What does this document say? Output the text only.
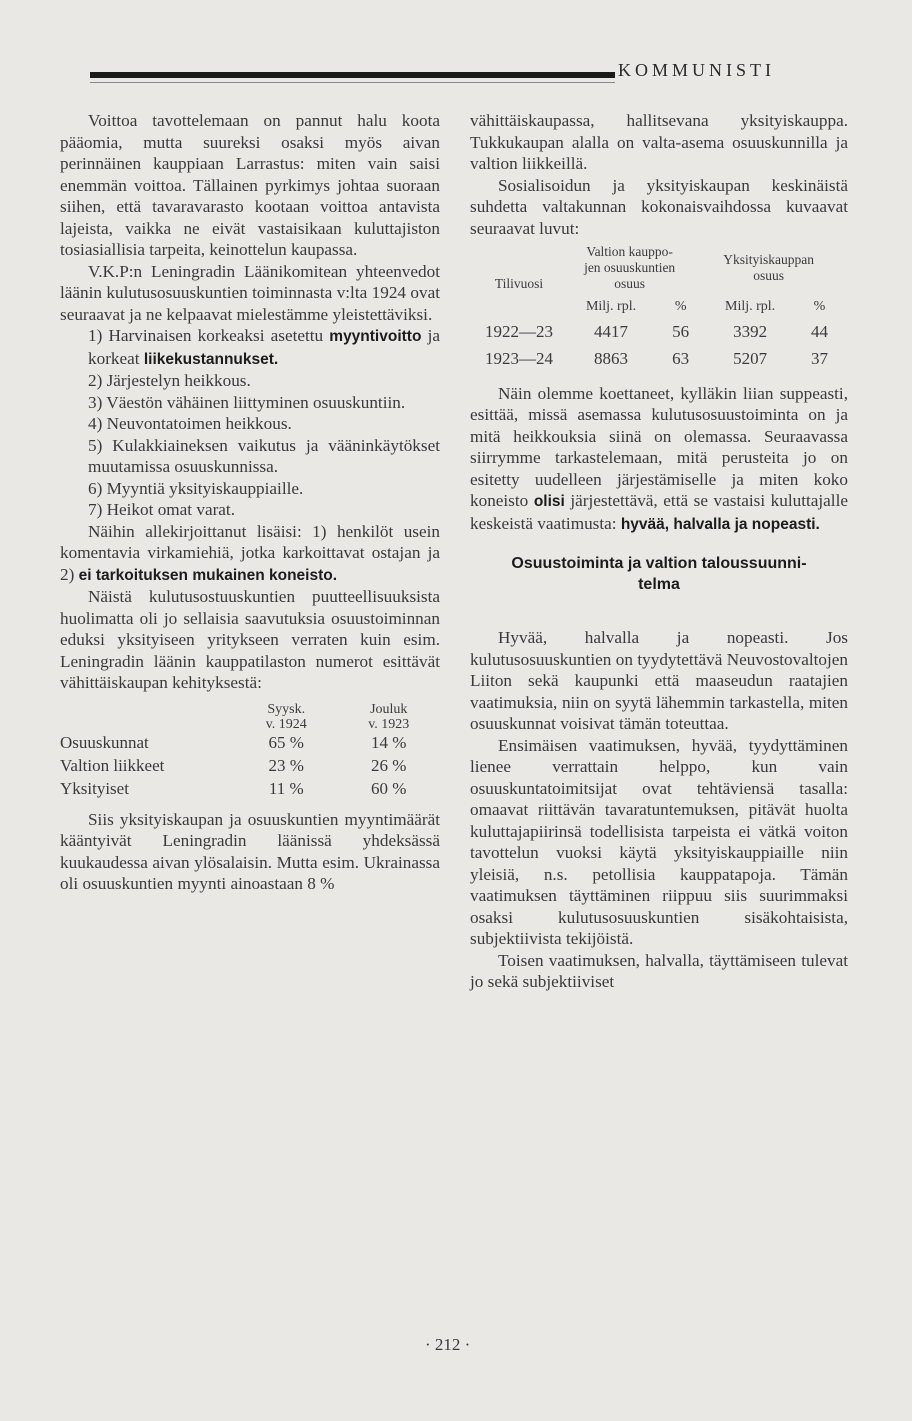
KOMMUNISTI

Voittoa tavottelemaan on pannut halu koota pääomia, mutta suureksi osaksi myös aivan perinnäinen kauppiaan Larrastus: miten vain saisi enemmän voittoa. Tällainen pyrkimys johtaa suoraan siihen, että tavaravarasto kootaan voittoa antavista lajeista, vaikka ne eivät vastaisikaan kuluttajiston tosiasiallisia tarpeita, keinottelun kaupassa.

V.K.P:n Leningradin Läänikomitean yhteenvedot läänin kulutusosuuskuntien toiminnasta v:lta 1924 ovat seuraavat ja ne kelpaavat mielestämme yleistettäviksi.

1) Harvinaisen korkeaksi asetettu myyntivoitto ja korkeat liikekustannukset.

2) Järjestelyn heikkous.

3) Väestön vähäinen liittyminen osuuskuntiin.

4) Neuvontatoimen heikkous.

5) Kulakkiaineksen vaikutus ja vääninkäytökset muutamissa osuuskunnissa.

6) Myyntiä yksityiskauppiaille.

7) Heikot omat varat.

Näihin allekirjoittanut lisäisi: 1) henkilöt usein komentavia virkamiehiä, jotka karkoittavat ostajan ja 2) ei tarkoituksen mukainen koneisto.

Näistä kulutusostuuskuntien puutteellisuuksista huolimatta oli jo sellaisia saavutuksia osuustoiminnan eduksi yksityiseen yritykseen verraten kuin esim. Leningradin läänin kauppatilaston numerot esittävät vähittäiskaupan kehityksestä:

	Syysk.
v. 1924	Jouluk
v. 1923
Osuuskunnat	65 %	14 %
Valtion liikkeet	23 %	26 %
Yksityiset	11 %	60 %

Siis yksityiskaupan ja osuuskuntien myyntimäärät kääntyivät Leningradin läänissä yhdeksässä kuukaudessa aivan ylösalaisin. Mutta esim. Ukrainassa oli osuuskuntien myynti ainoastaan 8 %

vähittäiskaupassa, hallitsevana yksityiskauppa. Tukkukaupan alalla on valta-asema osuuskunnilla ja valtion liikkeillä.

Sosialisoidun ja yksityiskaupan keskinäistä suhdetta valtakunnan kokonaisvaihdossa kuvaavat seuraavat luvut:

Tilivuosi	Valtion kauppo-
jen osuuskuntien
osuus		Yksityiskauppan
osuus	
	Milj. rpl.	%	Milj. rpl.	%
1922—23	4417	56	3392	44
1923—24	8863	63	5207	37

Näin olemme koettaneet, kylläkin liian suppeasti, esittää, missä asemassa kulutusosuustoiminta on ja mitä heikkouksia siinä on olemassa. Seuraavassa siirrymme tarkastelemaan, mitä perusteita jo on esitetty uudelleen järjestämiselle ja miten koko koneisto olisi järjestettävä, että se vastaisi kuluttajalle keskeistä vaatimusta: hyvää, halvalla ja nopeasti.

Osuustoiminta ja valtion taloussuunni-
telma

Hyvää, halvalla ja nopeasti. Jos kulutusosuuskuntien on tyydytettävä Neuvostovaltojen Liiton sekä kaupunki että maaseudun raatajien vaatimuksia, niin on syytä lähemmin tarkastella, miten osuuskunnat voisivat tämän toteuttaa.

Ensimäisen vaatimuksen, hyvää, tyydyttäminen lienee verrattain helppo, kun vain osuuskuntatoimitsijat ovat tehtäviensä tasalla: omaavat riittävän tavaratuntemuksen, pitävät huolta kuluttajapiirinsä todellisista tarpeista ei vätkä voiton tavottelun vuoksi käytä yksityiskauppiaille niin yleisiä, n.s. petollisia kauppatapoja. Tämän vaatimuksen täyttäminen riippuu siis suurimmaksi osaksi kulutusosuuskuntien sisäkohtaisista, subjektiivista tekijöistä.

Toisen vaatimuksen, halvalla, täyttämiseen tulevat jo sekä subjektiiviset

· 212 ·
